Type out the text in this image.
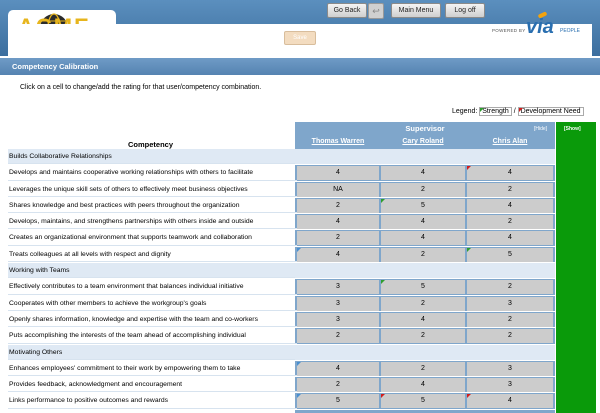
Go Back	↩	Main Menu	Log off
Save
POWERED BY via PEOPLE
Competency Calibration
Click on a cell to change/add the rating for that user/competency combination.
Legend: Strength / Development Need
Supervisor	[Hide]	[Show]
Thomas Warren	Cary Roland	Chris Alan
Competency
Builds Collaborative Relationships
Develops and maintains cooperative working relationships with others to facilitate	4	4	4
Leverages the unique skill sets of others to effectively meet business objectives	NA	2	2
Shares knowledge and best practices with peers throughout the organization	2	5	4
Develops, maintains, and strengthens partnerships with others inside and outside	4	4	2
Creates an organizational environment that supports teamwork and collaboration	2	4	4
Treats colleagues at all levels with respect and dignity	4	2	5
Working with Teams
Effectively contributes to a team environment that balances individual initiative	3	5	2
Cooperates with other members to achieve the workgroup's goals	3	2	3
Openly shares information, knowledge and expertise with the team and co-workers	3	4	2
Puts accomplishing the interests of the team ahead of accomplishing individual	2	2	2
Motivating Others
Enhances employees' commitment to their work by empowering them to take	4	2	3
Provides feedback, acknowledgment and encouragement	2	4	3
Links performance to positive outcomes and rewards	5	5	4
